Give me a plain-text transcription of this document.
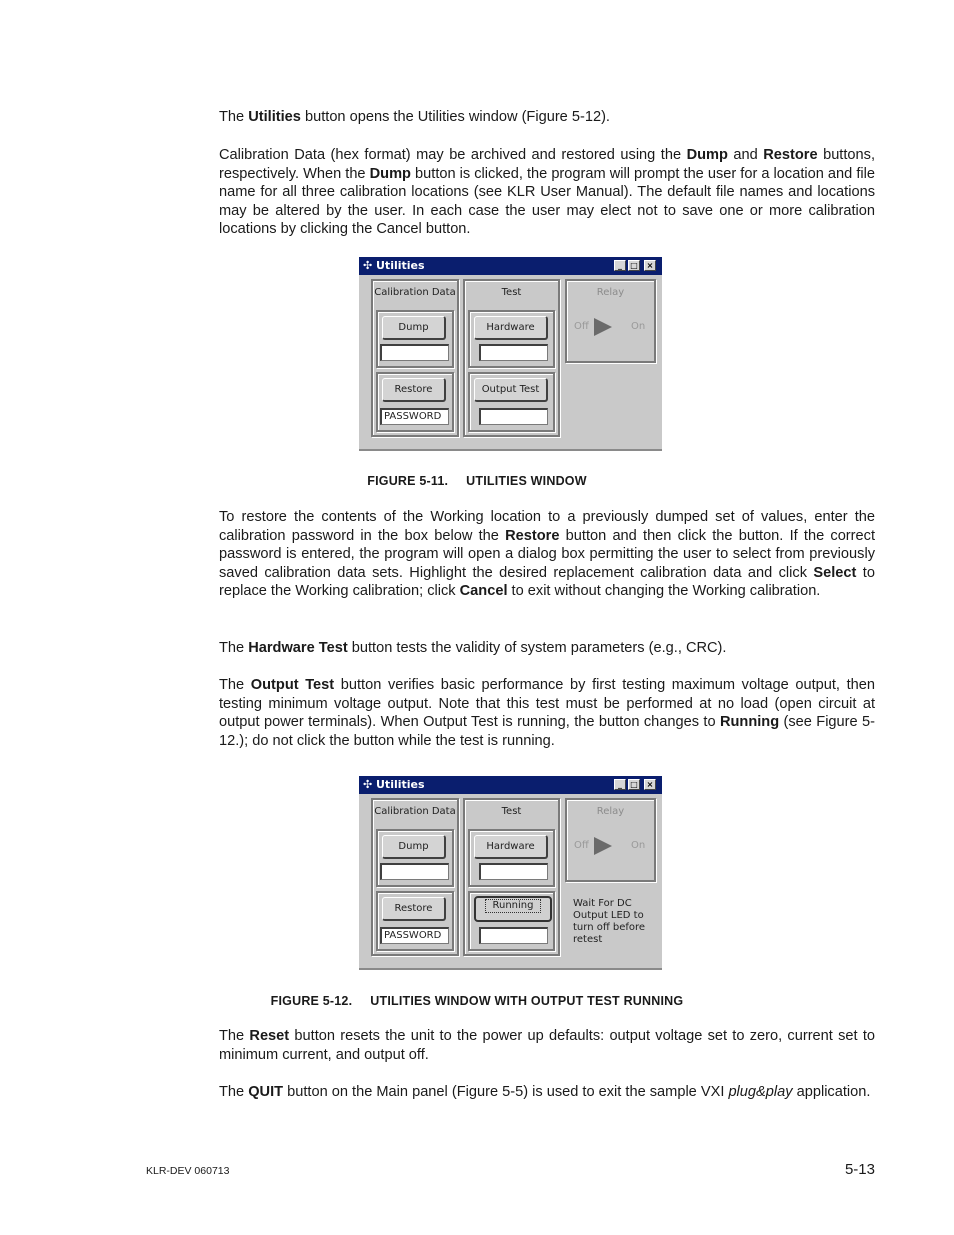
The Utilities button opens the Utilities window (Figure 5-12).

Calibration Data (hex format) may be archived and restored using the Dump and Restore buttons, respectively. When the Dump button is clicked, the program will prompt the user for a location and file name for all three calibration locations (see KLR User Manual). The default file names and locations may be altered by the user. In each case the user may elect not to save one or more calibration locations by clicking the Cancel button.

✣ Utilities	_	□	×
Calibration Data
Dump
Restore
PASSWORD
Test
Hardware
Output Test
Relay
Off	On
FIGURE 5-11. UTILITIES WINDOW

To restore the contents of the Working location to a previously dumped set of values, enter the calibration password in the box below the Restore button and then click the button. If the correct password is entered, the program will open a dialog box permitting the user to select from previously saved calibration data sets. Highlight the desired replacement calibration data and click Select to replace the Working calibration; click Cancel to exit without changing the Working calibration.

The Hardware Test button tests the validity of system parameters (e.g., CRC).

The Output Test button verifies basic performance by first testing maximum voltage output, then testing minimum voltage output. Note that this test must be performed at no load (open circuit at output power terminals). When Output Test is running, the button changes to Running (see Figure 5-12.); do not click the button while the test is running.

✣ Utilities	_	□	×
Calibration Data
Dump
Restore
PASSWORD
Test
Hardware
Running
Relay
Off	On
Wait For DC
Output LED to
turn off before
retest
FIGURE 5-12. UTILITIES WINDOW WITH OUTPUT TEST RUNNING

The Reset button resets the unit to the power up defaults: output voltage set to zero, current set to minimum current, and output off.

The QUIT button on the Main panel (Figure 5-5) is used to exit the sample VXI plug&play application.

KLR-DEV 060713	5-13
